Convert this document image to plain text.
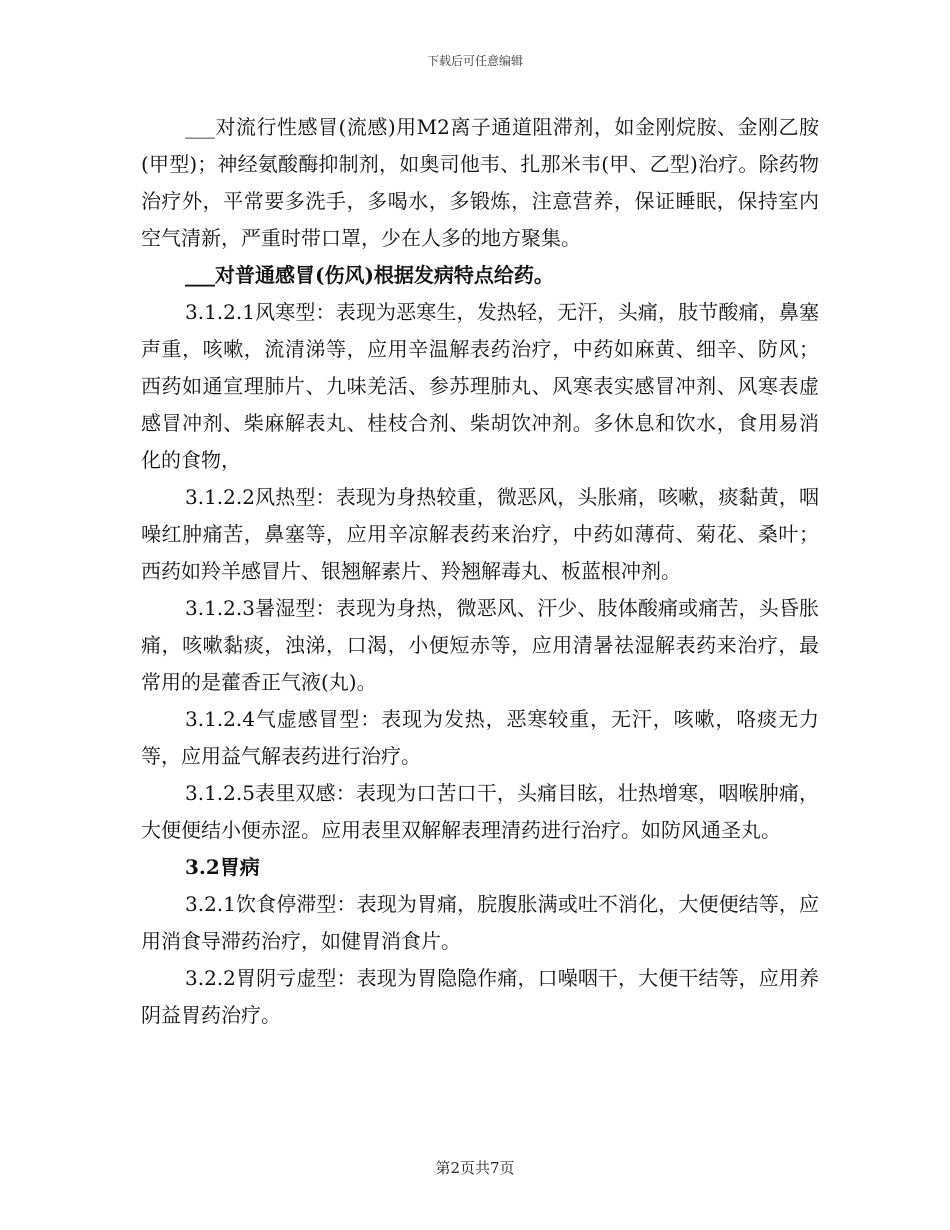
下载后可任意编辑

___对流行性感冒(流感)用M2离子通道阻滞剂，如金刚烷胺、金刚乙胺(甲型)；神经氨酸酶抑制剂，如奥司他韦、扎那米韦(甲、乙型)治疗。除药物治疗外，平常要多洗手，多喝水，多锻炼，注意营养，保证睡眠，保持室内空气清新，严重时带口罩，少在人多的地方聚集。

___对普通感冒(伤风)根据发病特点给药。

3.1.2.1风寒型：表现为恶寒生，发热轻，无汗，头痛，肢节酸痛，鼻塞声重，咳嗽，流清涕等，应用辛温解表药治疗，中药如麻黄、细辛、防风；西药如通宣理肺片、九味羌活、参苏理肺丸、风寒表实感冒冲剂、风寒表虚感冒冲剂、柴麻解表丸、桂枝合剂、柴胡饮冲剂。多休息和饮水，食用易消化的食物，

3.1.2.2风热型：表现为身热较重，微恶风，头胀痛，咳嗽，痰黏黄，咽噪红肿痛苦，鼻塞等，应用辛凉解表药来治疗，中药如薄荷、菊花、桑叶；西药如羚羊感冒片、银翘解素片、羚翘解毒丸、板蓝根冲剂。

3.1.2.3暑湿型：表现为身热，微恶风、汗少、肢体酸痛或痛苦，头昏胀痛，咳嗽黏痰，浊涕，口渴，小便短赤等，应用清暑祛湿解表药来治疗，最常用的是藿香正气液(丸)。

3.1.2.4气虚感冒型：表现为发热，恶寒较重，无汗，咳嗽，咯痰无力等，应用益气解表药进行治疗。

3.1.2.5表里双感：表现为口苦口干，头痛目眩，壮热增寒，咽喉肿痛，大便便结小便赤涩。应用表里双解解表理清药进行治疗。如防风通圣丸。

3.2胃病

3.2.1饮食停滞型：表现为胃痛，脘腹胀满或吐不消化，大便便结等，应用消食导滞药治疗，如健胃消食片。

3.2.2胃阴亏虚型：表现为胃隐隐作痛，口噪咽干，大便干结等，应用养阴益胃药治疗。

第2页共7页
